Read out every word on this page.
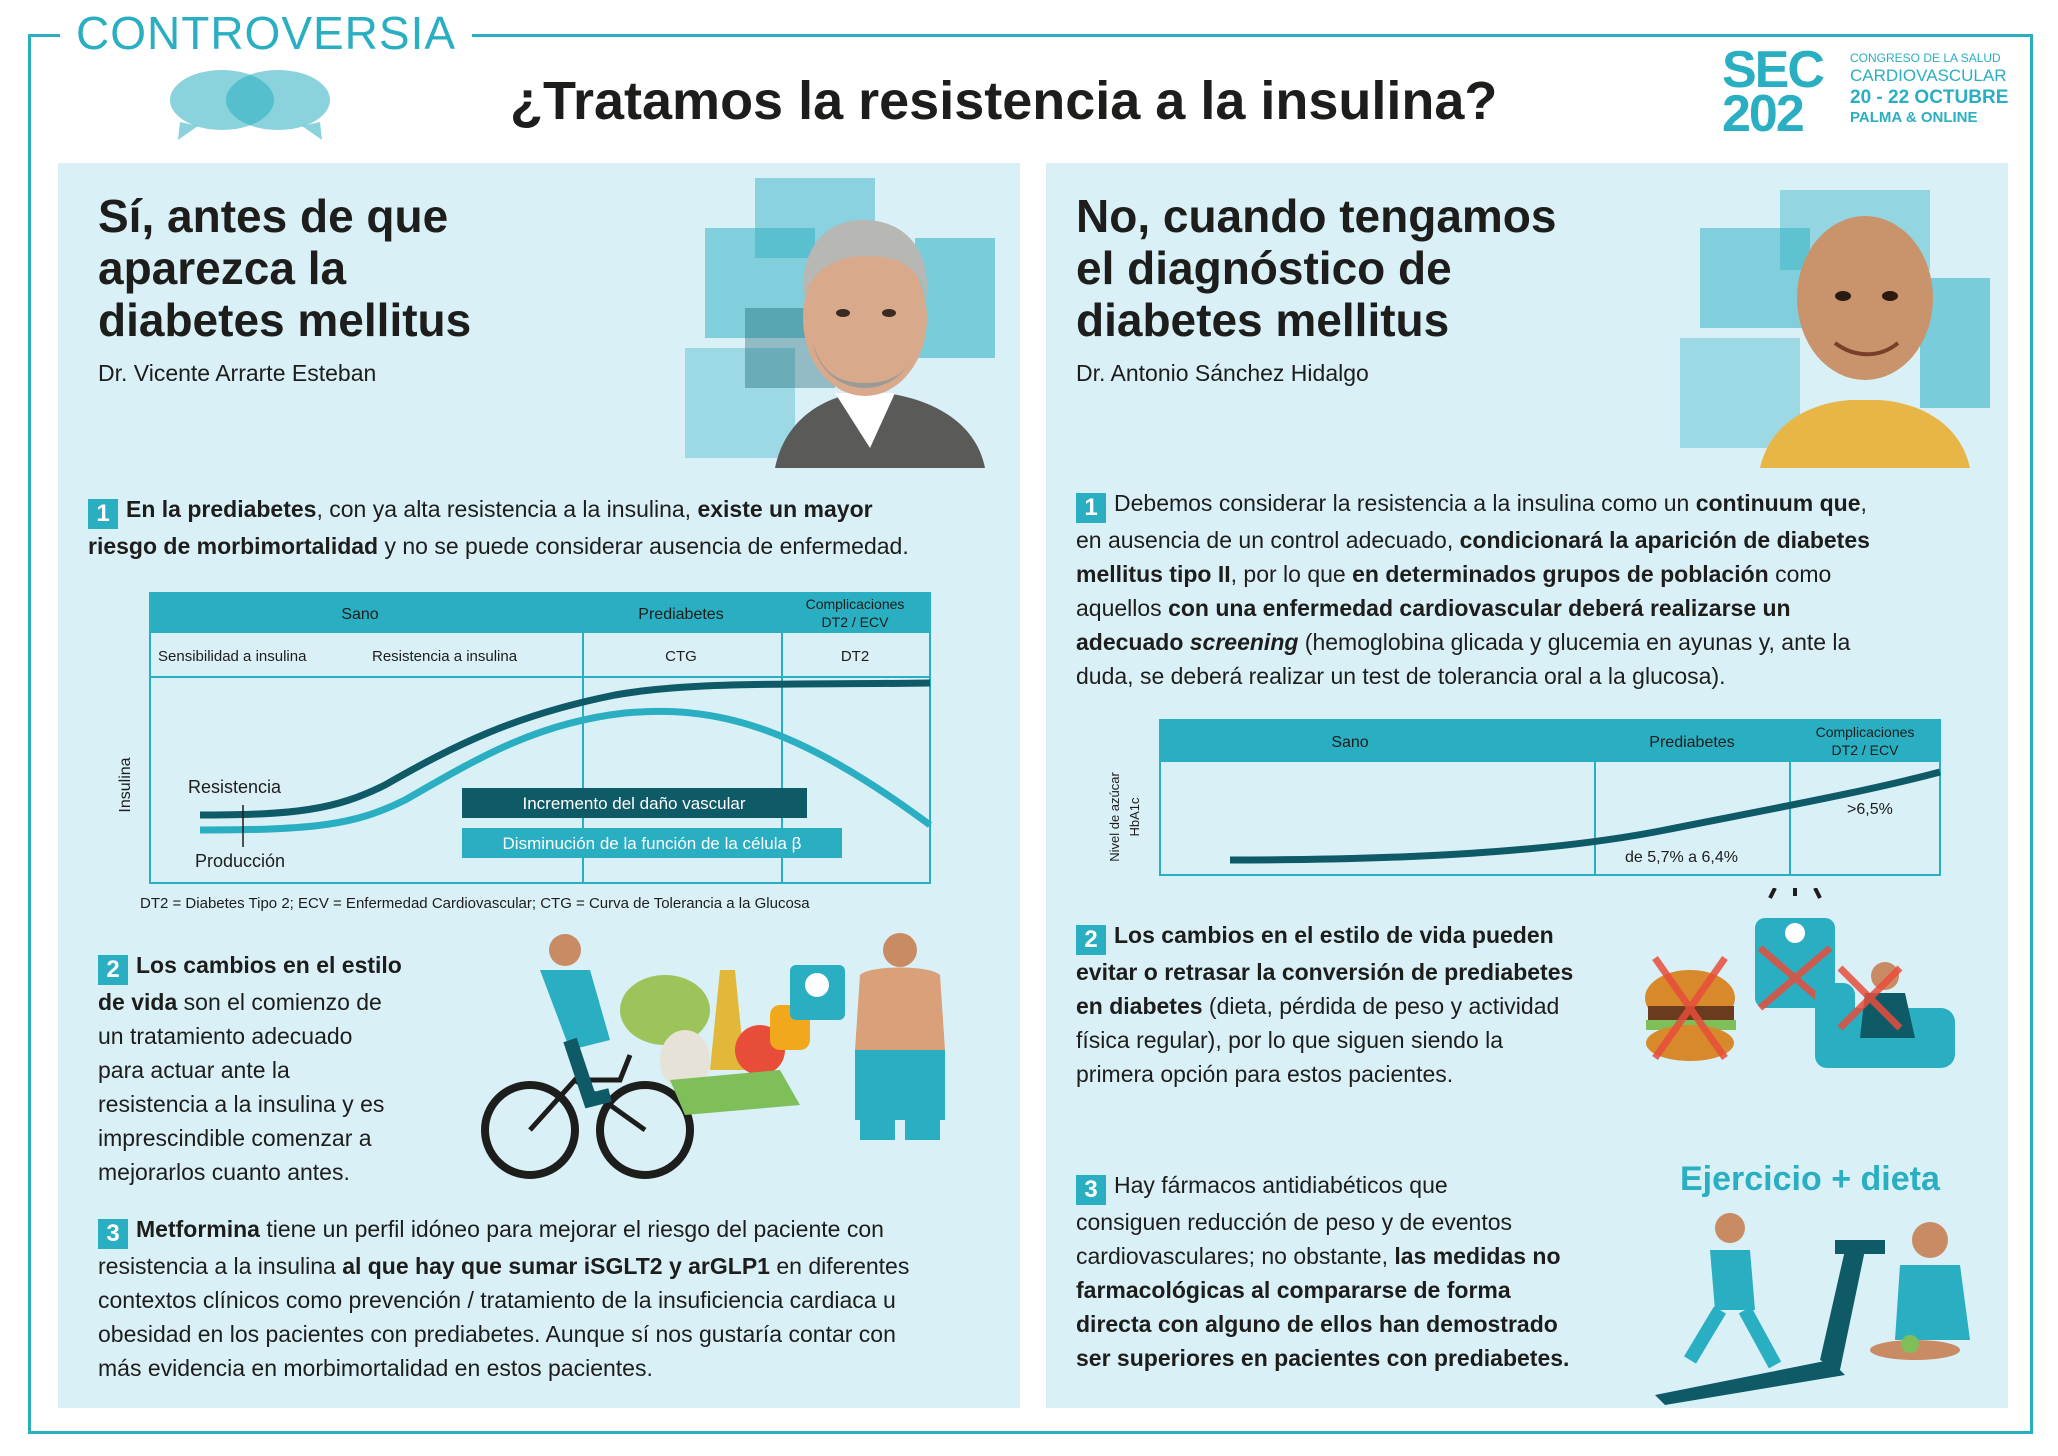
CONTROVERSIA
¿Tratamos la resistencia a la insulina?
SEC
202
CONGRESO DE LA SALUD
CARDIOVASCULAR
20 - 22 OCTUBRE
PALMA & ONLINE
Sí, antes de que
aparezca la
diabetes mellitus
Dr. Vicente Arrarte Esteban
1 En la prediabetes, con ya alta resistencia a la insulina, existe un mayor
riesgo de morbimortalidad y no se puede considerar ausencia de enfermedad.
Sano	Prediabetes
Complicaciones
DT2 / ECV
Sensibilidad a insulina	Resistencia a insulina	CTG	DT2
Insulina	Resistencia
Producción
Incremento del daño vascular
Disminución de la función de la célula β
DT2 = Diabetes Tipo 2; ECV = Enfermedad Cardiovascular; CTG = Curva de Tolerancia a la Glucosa
2 Los cambios en el estilo
de vida son el comienzo de
un tratamiento adecuado
para actuar ante la
resistencia a la insulina y es
imprescindible comenzar a
mejorarlos cuanto antes.
3 Metformina tiene un perfil idóneo para mejorar el riesgo del paciente con
resistencia a la insulina al que hay que sumar iSGLT2 y arGLP1 en diferentes
contextos clínicos como prevención / tratamiento de la insuficiencia cardiaca u
obesidad en los pacientes con prediabetes. Aunque sí nos gustaría contar con
más evidencia en morbimortalidad en estos pacientes.
No, cuando tengamos
el diagnóstico de
diabetes mellitus
Dr. Antonio Sánchez Hidalgo
1 Debemos considerar la resistencia a la insulina como un continuum que,
en ausencia de un control adecuado, condicionará la aparición de diabetes
mellitus tipo II, por lo que en determinados grupos de población como
aquellos con una enfermedad cardiovascular deberá realizarse un
adecuado screening (hemoglobina glicada y glucemia en ayunas y, ante la
duda, se deberá realizar un test de tolerancia oral a la glucosa).
Sano	Prediabetes
Complicaciones
DT2 / ECV
Nivel de azúcar HbA1c
de 5,7% a 6,4%
>6,5%
2 Los cambios en el estilo de vida pueden
evitar o retrasar la conversión de prediabetes
en diabetes (dieta, pérdida de peso y actividad
física regular), por lo que siguen siendo la
primera opción para estos pacientes.
Ejercicio + dieta
3 Hay fármacos antidiabéticos que
consiguen reducción de peso y de eventos
cardiovasculares; no obstante, las medidas no
farmacológicas al compararse de forma
directa con alguno de ellos han demostrado
ser superiores en pacientes con prediabetes.
